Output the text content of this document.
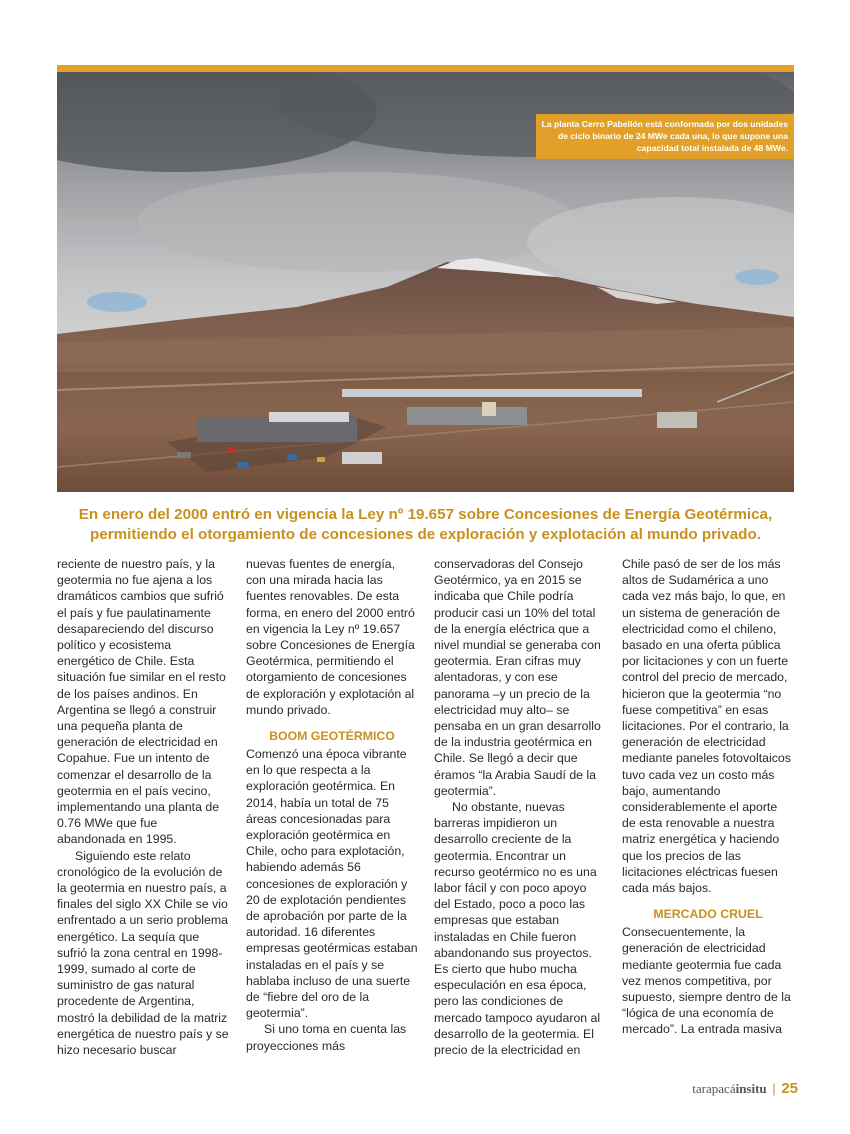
La planta Cerro Pabellón está conformada por dos unidades de ciclo binario de 24 MWe cada una, lo que supone una capacidad total instalada de 48 MWe.
En enero del 2000 entró en vigencia la Ley nº 19.657 sobre Concesiones de Energía Geotérmica, permitiendo el otorgamiento de concesiones de exploración y explotación al mundo privado.

reciente de nuestro país, y la geotermia no fue ajena a los dramáticos cambios que sufrió el país y fue paulatinamente desapareciendo del discurso político y ecosistema energético de Chile. Esta situación fue similar en el resto de los países andinos. En Argentina se llegó a construir una pequeña planta de generación de electricidad en Copahue. Fue un intento de comenzar el desarrollo de la geotermia en el país vecino, implementando una planta de 0.76 MWe que fue abandonada en 1995.

Siguiendo este relato cronológico de la evolución de la geotermia en nuestro país, a finales del siglo XX Chile se vio enfrentado a un serio problema energético. La sequía que sufrió la zona central en 1998-1999, sumado al corte de suministro de gas natural procedente de Argentina, mostró la debilidad de la matriz energética de nuestro país y se hizo necesario buscar

nuevas fuentes de energía, con una mirada hacia las fuentes renovables. De esta forma, en enero del 2000 entró en vigencia la Ley nº 19.657 sobre Concesiones de Energía Geotérmica, permitiendo el otorgamiento de concesiones de exploración y explotación al mundo privado.

BOOM GEOTÉRMICO

Comenzó una época vibrante en lo que respecta a la exploración geotérmica. En 2014, había un total de 75 áreas concesionadas para exploración geotérmica en Chile, ocho para explotación, habiendo además 56 concesiones de exploración y 20 de explotación pendientes de aprobación por parte de la autoridad. 16 diferentes empresas geotérmicas estaban instaladas en el país y se hablaba incluso de una suerte de “fiebre del oro de la geotermia”.

Si uno toma en cuenta las proyecciones más

conservadoras del Consejo Geotérmico, ya en 2015 se indicaba que Chile podría producir casi un 10% del total de la energía eléctrica que a nivel mundial se generaba con geotermia. Eran cifras muy alentadoras, y con ese panorama –y un precio de la electricidad muy alto– se pensaba en un gran desarrollo de la industria geotérmica en Chile. Se llegó a decir que éramos “la Arabia Saudí de la geotermia”.

No obstante, nuevas barreras impidieron un desarrollo creciente de la geotermia. Encontrar un recurso geotérmico no es una labor fácil y con poco apoyo del Estado, poco a poco las empresas que estaban instaladas en Chile fueron abandonando sus proyectos. Es cierto que hubo mucha especulación en esa época, pero las condiciones de mercado tampoco ayudaron al desarrollo de la geotermia. El precio de la electricidad en

Chile pasó de ser de los más altos de Sudamérica a uno cada vez más bajo, lo que, en un sistema de generación de electricidad como el chileno, basado en una oferta pública por licitaciones y con un fuerte control del precio de mercado, hicieron que la geotermia “no fuese competitiva” en esas licitaciones. Por el contrario, la generación de electricidad mediante paneles fotovoltaicos tuvo cada vez un costo más bajo, aumentando considerablemente el aporte de esta renovable a nuestra matriz energética y haciendo que los precios de las licitaciones eléctricas fuesen cada más bajos.

MERCADO CRUEL

Consecuentemente, la generación de electricidad mediante geotermia fue cada vez menos competitiva, por supuesto, siempre dentro de la “lógica de una economía de mercado”. La entrada masiva

tarapacáinsitu | 25
